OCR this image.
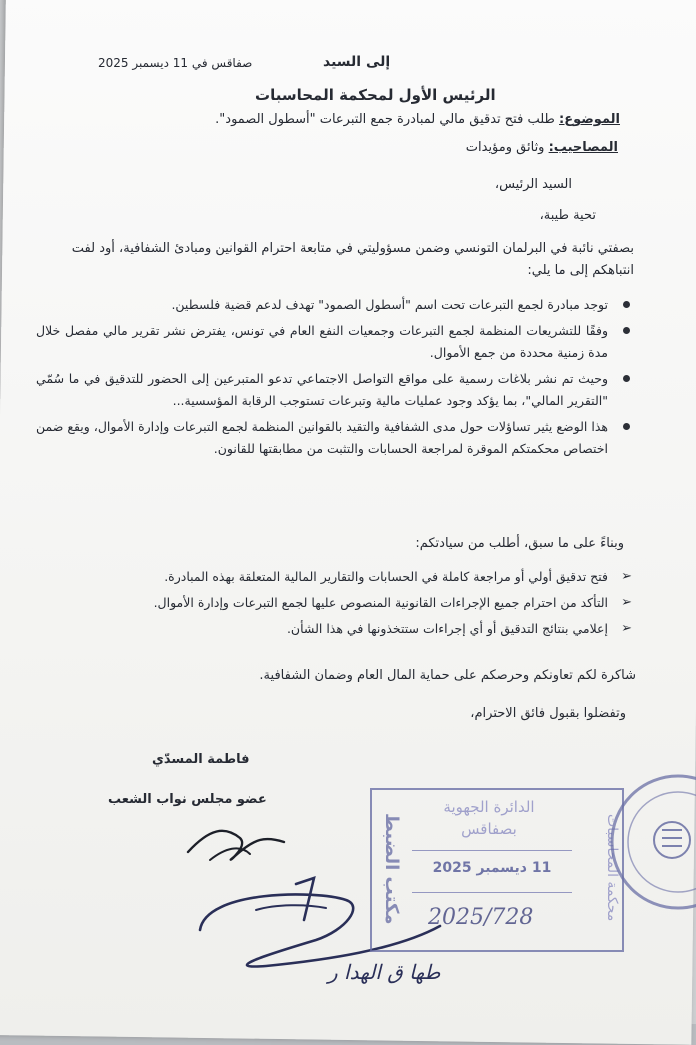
صفاقس في 11 ديسمبر 2025	إلى السيد
الرئيس الأول لمحكمة المحاسبات
الموضوع: طلب فتح تدقيق مالي لمبادرة جمع التبرعات "أسطول الصمود".
المصاحيب: وثائق ومؤيدات
السيد الرئيس،
تحية طيبة،
بصفتي نائبة في البرلمان التونسي وضمن مسؤوليتي في متابعة احترام القوانين ومبادئ الشفافية، أود لفت انتباهكم إلى ما يلي:
توجد مبادرة لجمع التبرعات تحت اسم "أسطول الصمود" تهدف لدعم قضية فلسطين.
وفقًا للتشريعات المنظمة لجمع التبرعات وجمعيات النفع العام في تونس، يفترض نشر تقرير مالي مفصل خلال مدة زمنية محددة من جمع الأموال.
وحيث تم نشر بلاغات رسمية على مواقع التواصل الاجتماعي تدعو المتبرعين إلى الحضور للتدقيق في ما سُمّي "التقرير المالي"، بما يؤكد وجود عمليات مالية وتبرعات تستوجب الرقابة المؤسسية...
هذا الوضع يثير تساؤلات حول مدى الشفافية والتقيد بالقوانين المنظمة لجمع التبرعات وإدارة الأموال، ويقع ضمن اختصاص محكمتكم الموقرة لمراجعة الحسابات والتثبت من مطابقتها للقانون.
وبناءً على ما سبق، أطلب من سيادتكم:
➢
فتح تدقيق أولي أو مراجعة كاملة في الحسابات والتقارير المالية المتعلقة بهذه المبادرة.
➢
التأكد من احترام جميع الإجراءات القانونية المنصوص عليها لجمع التبرعات وإدارة الأموال.
➢
إعلامي بنتائج التدقيق أو أي إجراءات ستتخذونها في هذا الشأن.
شاكرة لكم تعاونكم وحرصكم على حماية المال العام وضمان الشفافية.
وتفضلوا بقبول فائق الاحترام،
فاطمة المسدّي
عضو مجلس نواب الشعب
محكمة المحاسبات
مكتب الضبط
الدائرة الجهوية
بصفاقس
11 ديسمبر 2025
2025/728
طها ق الهدا ر
